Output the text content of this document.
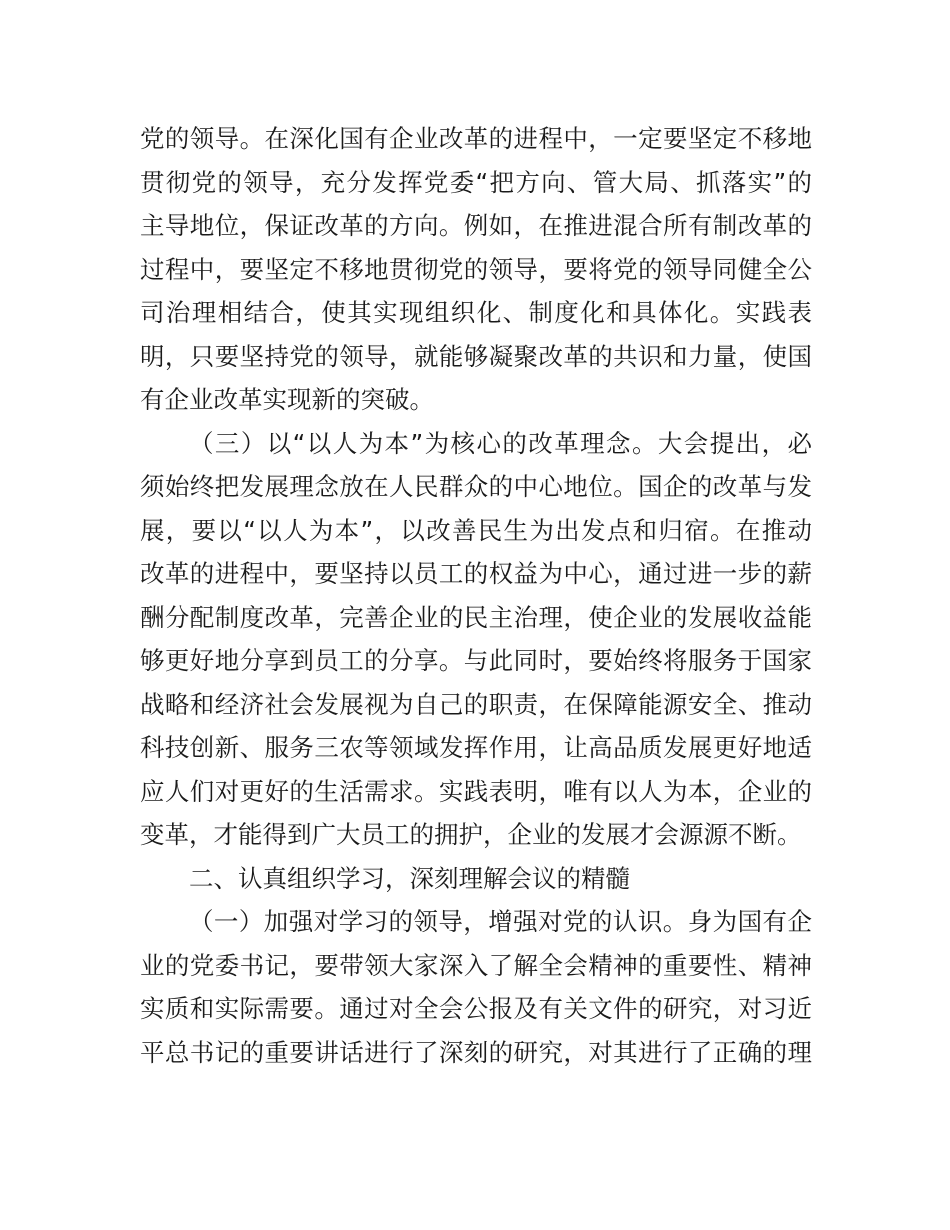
党的领导。在深化国有企业改革的进程中，一定要坚定不移地
贯彻党的领导，充分发挥党委“把方向、管大局、抓落实”的
主导地位，保证改革的方向。例如，在推进混合所有制改革的
过程中，要坚定不移地贯彻党的领导，要将党的领导同健全公
司治理相结合，使其实现组织化、制度化和具体化。实践表
明，只要坚持党的领导，就能够凝聚改革的共识和力量，使国
有企业改革实现新的突破。
（三）以“以人为本”为核心的改革理念。大会提出，必
须始终把发展理念放在人民群众的中心地位。国企的改革与发
展，要以“以人为本”，以改善民生为出发点和归宿。在推动
改革的进程中，要坚持以员工的权益为中心，通过进一步的薪
酬分配制度改革，完善企业的民主治理，使企业的发展收益能
够更好地分享到员工的分享。与此同时，要始终将服务于国家
战略和经济社会发展视为自己的职责，在保障能源安全、推动
科技创新、服务三农等领域发挥作用，让高品质发展更好地适
应人们对更好的生活需求。实践表明，唯有以人为本，企业的
变革，才能得到广大员工的拥护，企业的发展才会源源不断。
二、认真组织学习，深刻理解会议的精髓
（一）加强对学习的领导，增强对党的认识。身为国有企
业的党委书记，要带领大家深入了解全会精神的重要性、精神
实质和实际需要。通过对全会公报及有关文件的研究，对习近
平总书记的重要讲话进行了深刻的研究，对其进行了正确的理
